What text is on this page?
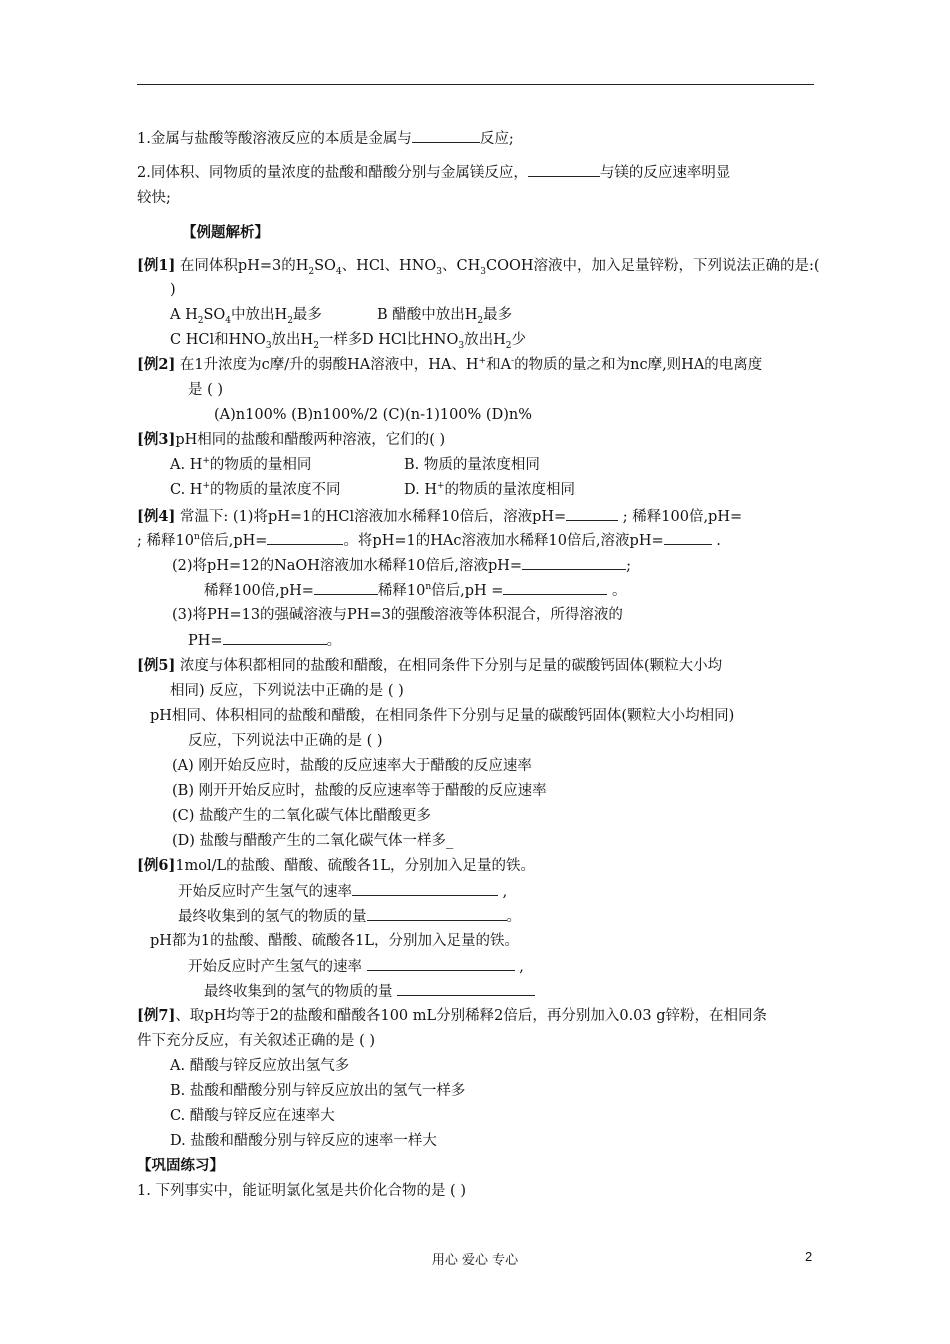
1.金属与盐酸等酸溶液反应的本质是金属与	反应;
2.同体积、同物质的量浓度的盐酸和醋酸分别与金属镁反应，	与镁的反应速率明显
较快;
【例题解析】
[例1] 在同体积pH=3的$H_2SO_4$、HCl、$HNO_3$、$CH_3COOH$溶液中，加入足量锌粉，下列说法正确的是:(
)
A $H_2SO_4$中放出$H_2$最多	B 醋酸中放出$H_2$最多
C HCl和$HNO_3$放出$H_2$一样多 D HCl比$HNO_3$放出$H_2$少
[例2] 在1升浓度为c摩/升的弱酸HA溶液中，HA、H+和A-的物质的量之和为nc摩,则HA的电离度
是 ( )
(A)n100% (B)n100%/2 (C)(n-1)100% (D)n%
[例3]pH相同的盐酸和醋酸两种溶液，它们的( )
A. H+的物质的量相同	B. 物质的量浓度相同
C. H+的物质的量浓度不同	D. H+的物质的量浓度相同
[例4] 常温下: (1)将pH=1的HCl溶液加水稀释10倍后，溶液pH=	; 稀释100倍,pH=
; 稀释10$^n$倍后,pH=	。将pH=1的HAc溶液加水稀释10倍后,溶液pH=	.
(2)将pH=12的NaOH溶液加水稀释10倍后,溶液pH=	;
稀释100倍,pH=	稀释10$^n$倍后,pH =	。
(3)将PH=13的强碱溶液与PH=3的强酸溶液等体积混合，所得溶液的
PH=	。
[例5] 浓度与体积都相同的盐酸和醋酸，在相同条件下分别与足量的碳酸钙固体(颗粒大小均
相同) 反应，下列说法中正确的是 ( )
pH相同、体积相同的盐酸和醋酸，在相同条件下分别与足量的碳酸钙固体(颗粒大小均相同)
反应，下列说法中正确的是 ( )
(A) 刚开始反应时，盐酸的反应速率大于醋酸的反应速率
(B) 刚开开始反应时，盐酸的反应速率等于醋酸的反应速率
(C) 盐酸产生的二氧化碳气体比醋酸更多
(D) 盐酸与醋酸产生的二氧化碳气体一样多_
[例6]1mol/L的盐酸、醋酸、硫酸各1L，分别加入足量的铁。
开始反应时产生氢气的速率	,
最终收集到的氢气的物质的量	。
pH都为1的盐酸、醋酸、硫酸各1L，分别加入足量的铁。
开始反应时产生氢气的速率	,
最终收集到的氢气的物质的量
[例7]、取pH均等于2的盐酸和醋酸各100 mL分别稀释2倍后，再分别加入0.03 g锌粉，在相同条
件下充分反应，有关叙述正确的是 ( )
A. 醋酸与锌反应放出氢气多
B. 盐酸和醋酸分别与锌反应放出的氢气一样多
C. 醋酸与锌反应在速率大
D. 盐酸和醋酸分别与锌反应的速率一样大
【巩固练习】
1. 下列事实中，能证明氯化氢是共价化合物的是 ( )
用心 爱心 专心	2
